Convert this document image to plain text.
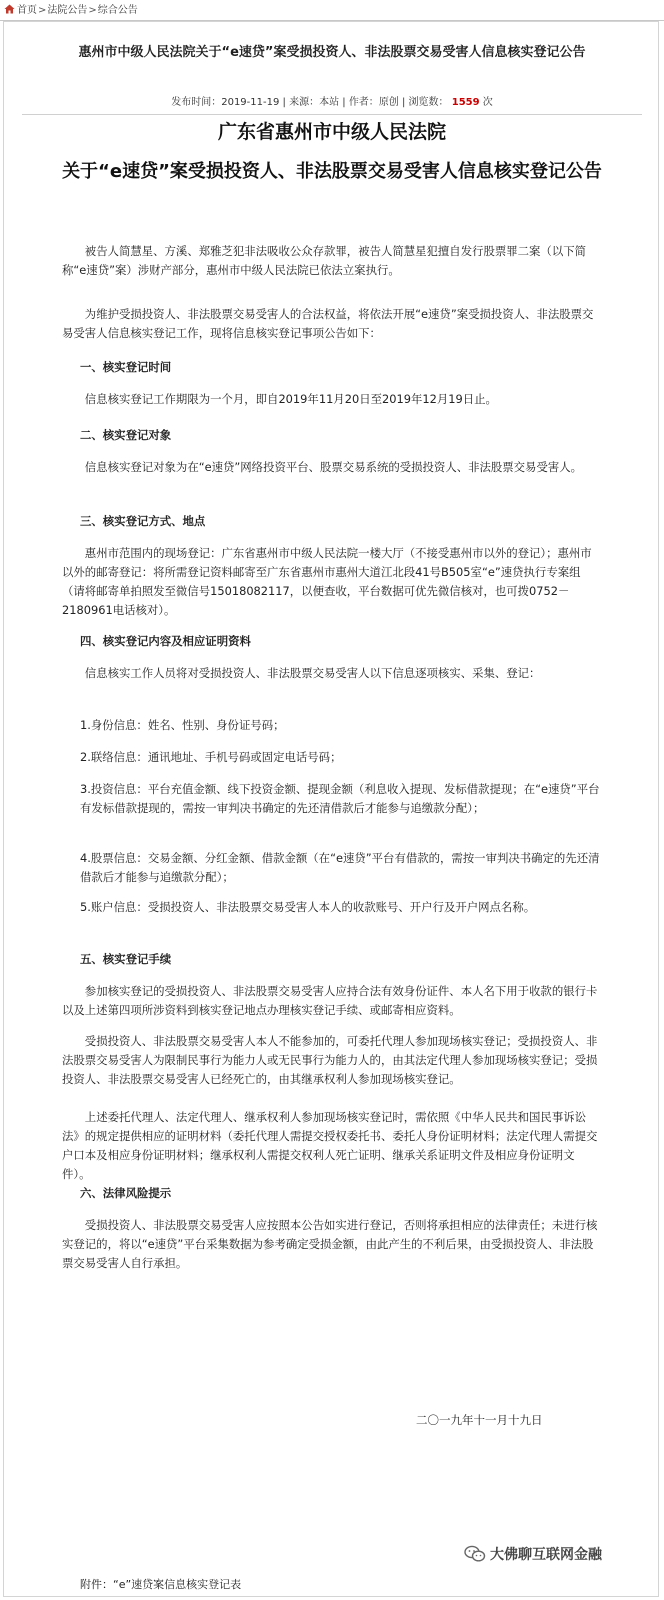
首页>法院公告>综合公告
惠州市中级人民法院关于“e速贷”案受损投资人、非法股票交易受害人信息核实登记公告
发布时间：2019-11-19 | 来源：本站 | 作者：原创 | 浏览数： 1559 次
广东省惠州市中级人民法院
关于“e速贷”案受损投资人、非法股票交易受害人信息核实登记公告

被告人简慧星、方溪、郑雅芝犯非法吸收公众存款罪，被告人简慧星犯擅自发行股票罪二案（以下简称“e速贷”案）涉财产部分，惠州市中级人民法院已依法立案执行。

为维护受损投资人、非法股票交易受害人的合法权益，将依法开展“e速贷”案受损投资人、非法股票交易受害人信息核实登记工作，现将信息核实登记事项公告如下：

一、核实登记时间

信息核实登记工作期限为一个月，即自2019年11月20日至2019年12月19日止。

二、核实登记对象

信息核实登记对象为在“e速贷”网络投资平台、股票交易系统的受损投资人、非法股票交易受害人。

三、核实登记方式、地点

惠州市范围内的现场登记：广东省惠州市中级人民法院一楼大厅（不接受惠州市以外的登记）；惠州市以外的邮寄登记：将所需登记资料邮寄至广东省惠州市惠州大道江北段41号B505室“e”速贷执行专案组（请将邮寄单拍照发至微信号15018082117，以便查收，平台数据可优先微信核对，也可拨0752－2180961电话核对）。

四、核实登记内容及相应证明资料

信息核实工作人员将对受损投资人、非法股票交易受害人以下信息逐项核实、采集、登记：

1.身份信息：姓名、性别、身份证号码；

2.联络信息：通讯地址、手机号码或固定电话号码；

3.投资信息：平台充值金额、线下投资金额、提现金额（利息收入提现、发标借款提现；在“e速贷”平台有发标借款提现的，需按一审判决书确定的先还清借款后才能参与追缴款分配）；

4.股票信息：交易金额、分红金额、借款金额（在“e速贷”平台有借款的，需按一审判决书确定的先还清借款后才能参与追缴款分配）；

5.账户信息：受损投资人、非法股票交易受害人本人的收款账号、开户行及开户网点名称。

五、核实登记手续

参加核实登记的受损投资人、非法股票交易受害人应持合法有效身份证件、本人名下用于收款的银行卡以及上述第四项所涉资料到核实登记地点办理核实登记手续、或邮寄相应资料。

受损投资人、非法股票交易受害人本人不能参加的，可委托代理人参加现场核实登记；受损投资人、非法股票交易受害人为限制民事行为能力人或无民事行为能力人的，由其法定代理人参加现场核实登记；受损投资人、非法股票交易受害人已经死亡的，由其继承权利人参加现场核实登记。

上述委托代理人、法定代理人、继承权利人参加现场核实登记时，需依照《中华人民共和国民事诉讼法》的规定提供相应的证明材料（委托代理人需提交授权委托书、委托人身份证明材料；法定代理人需提交户口本及相应身份证明材料；继承权利人需提交权利人死亡证明、继承关系证明文件及相应身份证明文件）。

六、法律风险提示

受损投资人、非法股票交易受害人应按照本公告如实进行登记，否则将承担相应的法律责任；未进行核实登记的，将以“e速贷”平台采集数据为参考确定受损金额，由此产生的不利后果，由受损投资人、非法股票交易受害人自行承担。

二〇一九年十一月十九日
大佛聊互联网金融
附件：“e”速贷案信息核实登记表
